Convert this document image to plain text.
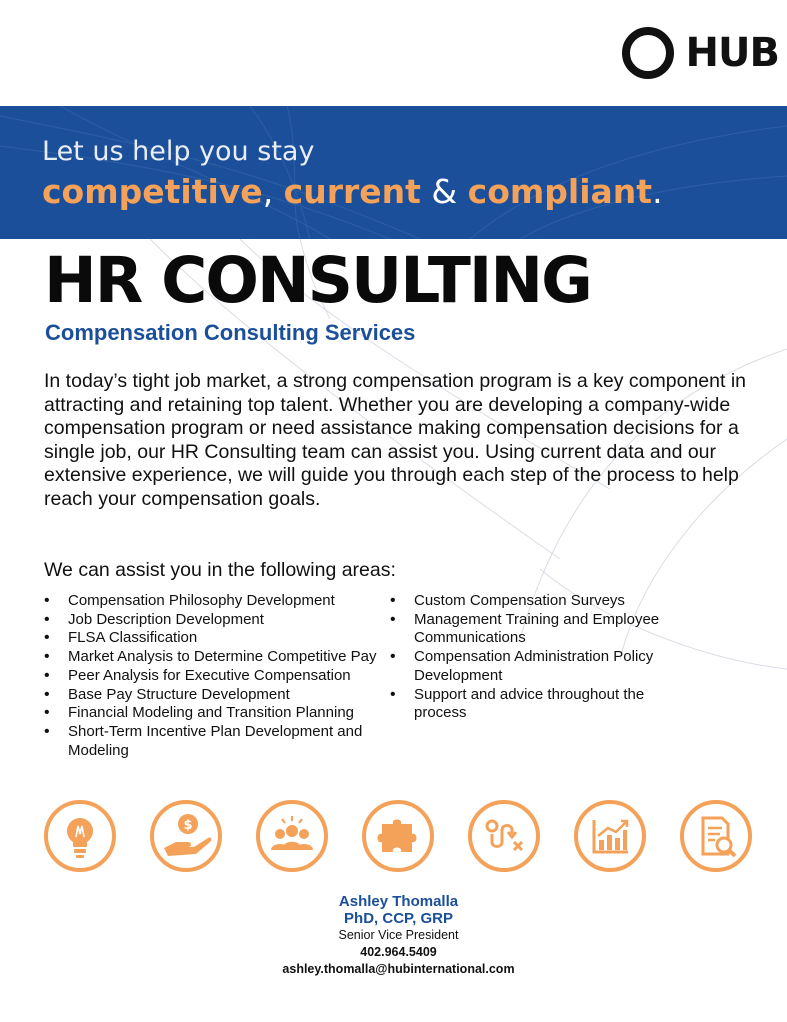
HUB
Let us help you stay
competitive, current & compliant.
HR CONSULTING
Compensation Consulting Services

In today’s tight job market, a strong compensation program is a key component in attracting and retaining top talent. Whether you are developing a company-wide compensation program or need assistance making compensation decisions for a single job, our HR Consulting team can assist you. Using current data and our extensive experience, we will guide you through each step of the process to help reach your compensation goals.

We can assist you in the following areas:

• Compensation Philosophy Development
• Job Description Development
• FLSA Classification
• Market Analysis to Determine Competitive Pay
• Peer Analysis for Executive Compensation
• Base Pay Structure Development
• Financial Modeling and Transition Planning
• Short-Term Incentive Plan Development and Modeling
• Custom Compensation Surveys
• Management Training and Employee Communications
• Compensation Administration Policy Development
• Support and advice throughout the process
$
Ashley Thomalla
PhD, CCP, GRP
Senior Vice President
402.964.5409
ashley.thomalla@hubinternational.com
